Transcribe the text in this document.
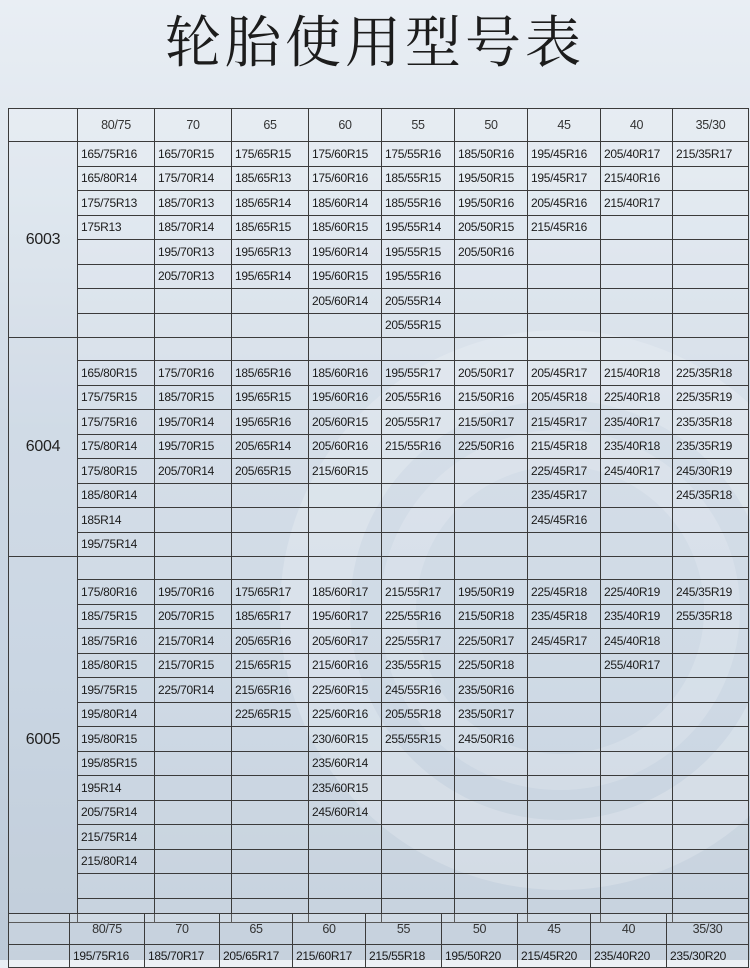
轮胎使用型号表
	80/75	70	65	60	55	50	45	40	35/30
6003	165/75R16	165/70R15	175/65R15	175/60R15	175/55R16	185/50R16	195/45R16	205/40R17	215/35R17
	165/80R14	175/70R14	185/65R13	175/60R16	185/55R15	195/50R15	195/45R17	215/40R16	
	175/75R13	185/70R13	185/65R14	185/60R14	185/55R16	195/50R16	205/45R16	215/40R17	
	175R13	185/70R14	185/65R15	185/60R15	195/55R14	205/50R15	215/45R16		
		195/70R13	195/65R13	195/60R14	195/55R15	205/50R16			
		205/70R13	195/65R14	195/60R15	195/55R16				
				205/60R14	205/55R14				
					205/55R15				
6004									
	165/80R15	175/70R16	185/65R16	185/60R16	195/55R17	205/50R17	205/45R17	215/40R18	225/35R18
	175/75R15	185/70R15	195/65R15	195/60R16	205/55R16	215/50R16	205/45R18	225/40R18	225/35R19
	175/75R16	195/70R14	195/65R16	205/60R15	205/55R17	215/50R17	215/45R17	235/40R17	235/35R18
	175/80R14	195/70R15	205/65R14	205/60R16	215/55R16	225/50R16	215/45R18	235/40R18	235/35R19
	175/80R15	205/70R14	205/65R15	215/60R15			225/45R17	245/40R17	245/30R19
	185/80R14						235/45R17		245/35R18
	185R14						245/45R16		
	195/75R14								
6005									
	175/80R16	195/70R16	175/65R17	185/60R17	215/55R17	195/50R19	225/45R18	225/40R19	245/35R19
	185/75R15	205/70R15	185/65R17	195/60R17	225/55R16	215/50R18	235/45R18	235/40R19	255/35R18
	185/75R16	215/70R14	205/65R16	205/60R17	225/55R17	225/50R17	245/45R17	245/40R18	
	185/80R15	215/70R15	215/65R15	215/60R16	235/55R15	225/50R18		255/40R17	
	195/75R15	225/70R14	215/65R16	225/60R15	245/55R16	235/50R16			
	195/80R14		225/65R15	225/60R16	205/55R18	235/50R17			
	195/80R15			230/60R15	255/55R15	245/50R16			
	195/85R15			235/60R14					
	195R14			235/60R15					
	205/75R14			245/60R14					
	215/75R14								
	215/80R14								

	80/75	70	65	60	55	50	45	40	35/30
	195/75R16	185/70R17	205/65R17	215/60R17	215/55R18	195/50R20	215/45R20	235/40R20	235/30R20
